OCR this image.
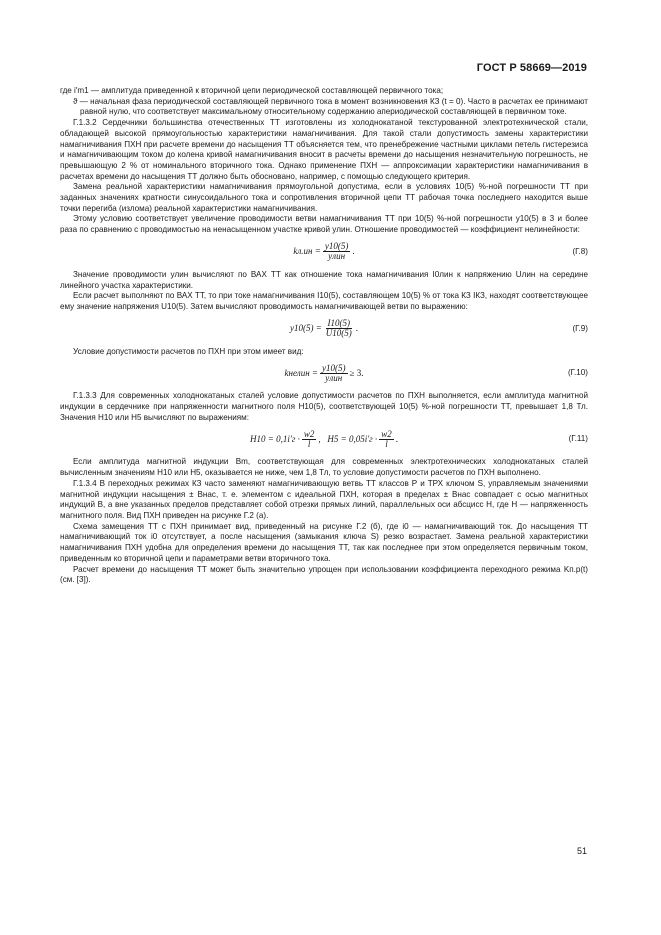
ГОСТ Р 58669—2019

где i′m1 — амплитуда приведенной к вторичной цепи периодической составляющей первичного тока;

ϑ — начальная фаза периодической составляющей первичного тока в момент возникновения КЗ (t = 0). Часто в расчетах ее принимают равной нулю, что соответствует максимальному относительному содержанию апериодической составляющей в первичном токе.

Г.1.3.2 Сердечники большинства отечественных ТТ изготовлены из холоднокатаной текстурованной электротехнической стали, обладающей высокой прямоугольностью характеристики намагничивания. Для такой стали допустимость замены характеристики намагничивания ПХН при расчете времени до насыщения ТТ объясняется тем, что пренебрежение частными циклами петель гистерезиса и намагничивающим током до колена кривой намагничивания вносит в расчеты времени до насыщения незначительную погрешность, не превышающую 2 % от номинального вторичного тока. Однако применение ПХН — аппроксимации характеристики намагничивания в расчетах времени до насыщения ТТ должно быть обосновано, например, с помощью следующего критерия.

Замена реальной характеристики намагничивания прямоугольной допустима, если в условиях 10(5) %-ной погрешности ТТ при заданных значениях кратности синусоидального тока и сопротивления вторичной цепи ТТ рабочая точка последнего находится выше точки перегиба (излома) реальной характеристики намагничивания.

Этому условию соответствует увеличение проводимости ветви намагничивания ТТ при 10(5) %-ной погрешности y10(5) в 3 и более раза по сравнению с проводимостью на ненасыщенном участке кривой yлин. Отношение проводимостей — коэффициент нелинейности:

$kл.ин = \frac{y10(5)}{\text{yлин}}$ .	(Г.8)

Значение проводимости yлин вычисляют по ВАХ ТТ как отношение тока намагничивания I0лин к напряжению Uлин на середине линейного участка характеристики.

Если расчет выполняют по ВАХ ТТ, то при токе намагничивания I10(5), составляющем 10(5) % от тока КЗ IКЗ, находят соответствующее ему значение напряжения U10(5). Затем вычисляют проводимость намагничивающей ветви по выражению:

$y10(5) = \frac{I10(5)}{U10(5)}$ .	(Г.9)

Условие допустимости расчетов по ПХН при этом имеет вид:

kнелин = $\frac{y10(5)}{\text{yлин}} \ge 3$.	(Г.10)

Г.1.3.3 Для современных холоднокатаных сталей условие допустимости расчетов по ПХН выполняется, если амплитуда магнитной индукции в сердечнике при напряженности магнитного поля H10(5), соответствующей 10(5) %-ной погрешности ТТ, превышает 1,8 Тл. Значения H10 или H5 вычисляют по выражениям:

$H10 = 0,1i'г \cdot \frac{w2}{l}$ ,   $H5 = 0,05i'г \cdot \frac{w2}{l}$ .	(Г.11)

Если амплитуда магнитной индукции Bm, соответствующая для современных электротехнических холоднокатаных сталей вычисленным значениям H10 или H5, оказывается не ниже, чем 1,8 Тл, то условие допустимости расчетов по ПХН выполнено.

Г.1.3.4 В переходных режимах КЗ часто заменяют намагничивающую ветвь ТТ классов Р и ТРХ ключом S, управляемым значениями магнитной индукции насыщения ± Bнас, т. е. элементом с идеальной ПХН, которая в пределах ± Bнас совпадает с осью магнитных индукций B, а вне указанных пределов представляет собой отрезки прямых линий, параллельных оси абсцисс H, где H — напряженность магнитного поля. Вид ПХН приведен на рисунке Г.2 (а).

Схема замещения ТТ с ПХН принимает вид, приведенный на рисунке Г.2 (б), где i0 — намагничивающий ток. До насыщения ТТ намагничивающий ток i0 отсутствует, а после насыщения (замыкания ключа S) резко возрастает. Замена реальной характеристики намагничивания ПХН удобна для определения времени до насыщения ТТ, так как последнее при этом определяется первичным током, приведенным ко вторичной цепи и параметрами ветви вторичного тока.

Расчет времени до насыщения ТТ может быть значительно упрощен при использовании коэффициента переходного режима Kп.р(t) (см. [3]).

51
